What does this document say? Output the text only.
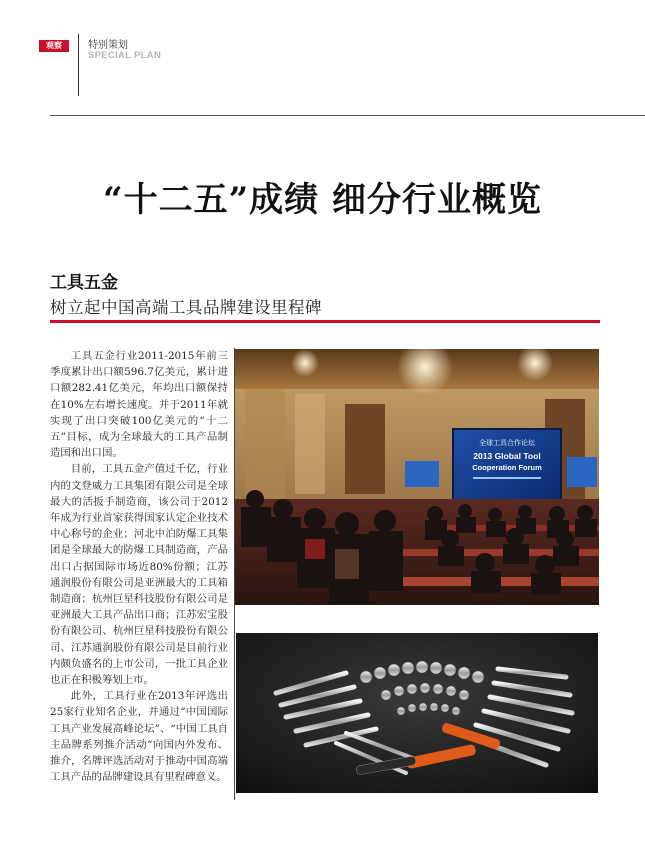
观察	特别策划
SPECIAL PLAN
“十二五”成绩 细分行业概览
工具五金
树立起中国高端工具品牌建设里程碑

工具五金行业2011-2015年前三季度累计出口额596.7亿美元，累计进口额282.41亿美元，年均出口额保持在10%左右增长速度。并于2011年就实现了出口突破100亿美元的“十二五”目标，成为全球最大的工具产品制造国和出口国。

目前，工具五金产值过千亿，行业内的文登威力工具集团有限公司是全球最大的活扳手制造商，该公司于2012年成为行业首家获得国家认定企业技术中心称号的企业；河北中泊防爆工具集团是全球最大的防爆工具制造商，产品出口占据国际市场近80%份额；江苏通润股份有限公司是亚洲最大的工具箱制造商；杭州巨星科技股份有限公司是亚洲最大工具产品出口商；江苏宏宝股份有限公司、杭州巨星科技股份有限公司、江苏通润股份有限公司是目前行业内颇负盛名的上市公司，一批工具企业也正在积极筹划上市。

此外，工具行业在2013年评选出25家行业知名企业，并通过“中国国际工具产业发展高峰论坛”、“中国工具自主品牌系列推介活动”向国内外发布、推介，名牌评选活动对于推动中国高端工具产品的品牌建设具有里程碑意义。

全球工具合作论坛
2013 Global Tool
Cooperation Forum
